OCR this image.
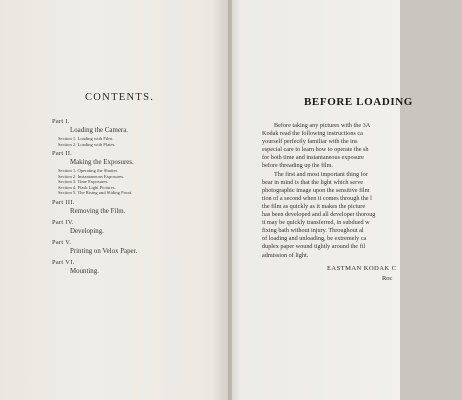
CONTENTS.
Part I.
Loading the Camera.
Section 1. Loading with Film.
Section 2. Loading with Plates.
Part II.
Making the Exposures.
Section 1. Operating the Shutter.
Section 2. Instantaneous Exposures.
Section 3. Time Exposures.
Section 4. Flash Light Pictures.
Section 5. The Rising and Sliding Front.
Part III.
Removing the Film.
Part IV.
Developing.
Part V.
Printing on Velox Paper.
Part VI.
Mounting.
BEFORE LOADING
Before taking any pictures with the 3A
Kodak read the following instructions ca
yourself perfectly familiar with the ins
especial care to learn how to operate the sh
for both time and instantaneous exposure
before threading up the film.
The first and most important thing for
bear in mind is that the light which serve
photographic image upon the sensitive film
tion of a second when it comes through the l
the film as quickly as it makes the picture
has been developed and all developer thoroug
it may be quickly transferred, in subdued w
fixing bath without injury. Throughout al
of loading and unloading, be extremely ca
duplex paper wound tightly around the fil
admission of light.
EASTMAN KODAK C
Roc
